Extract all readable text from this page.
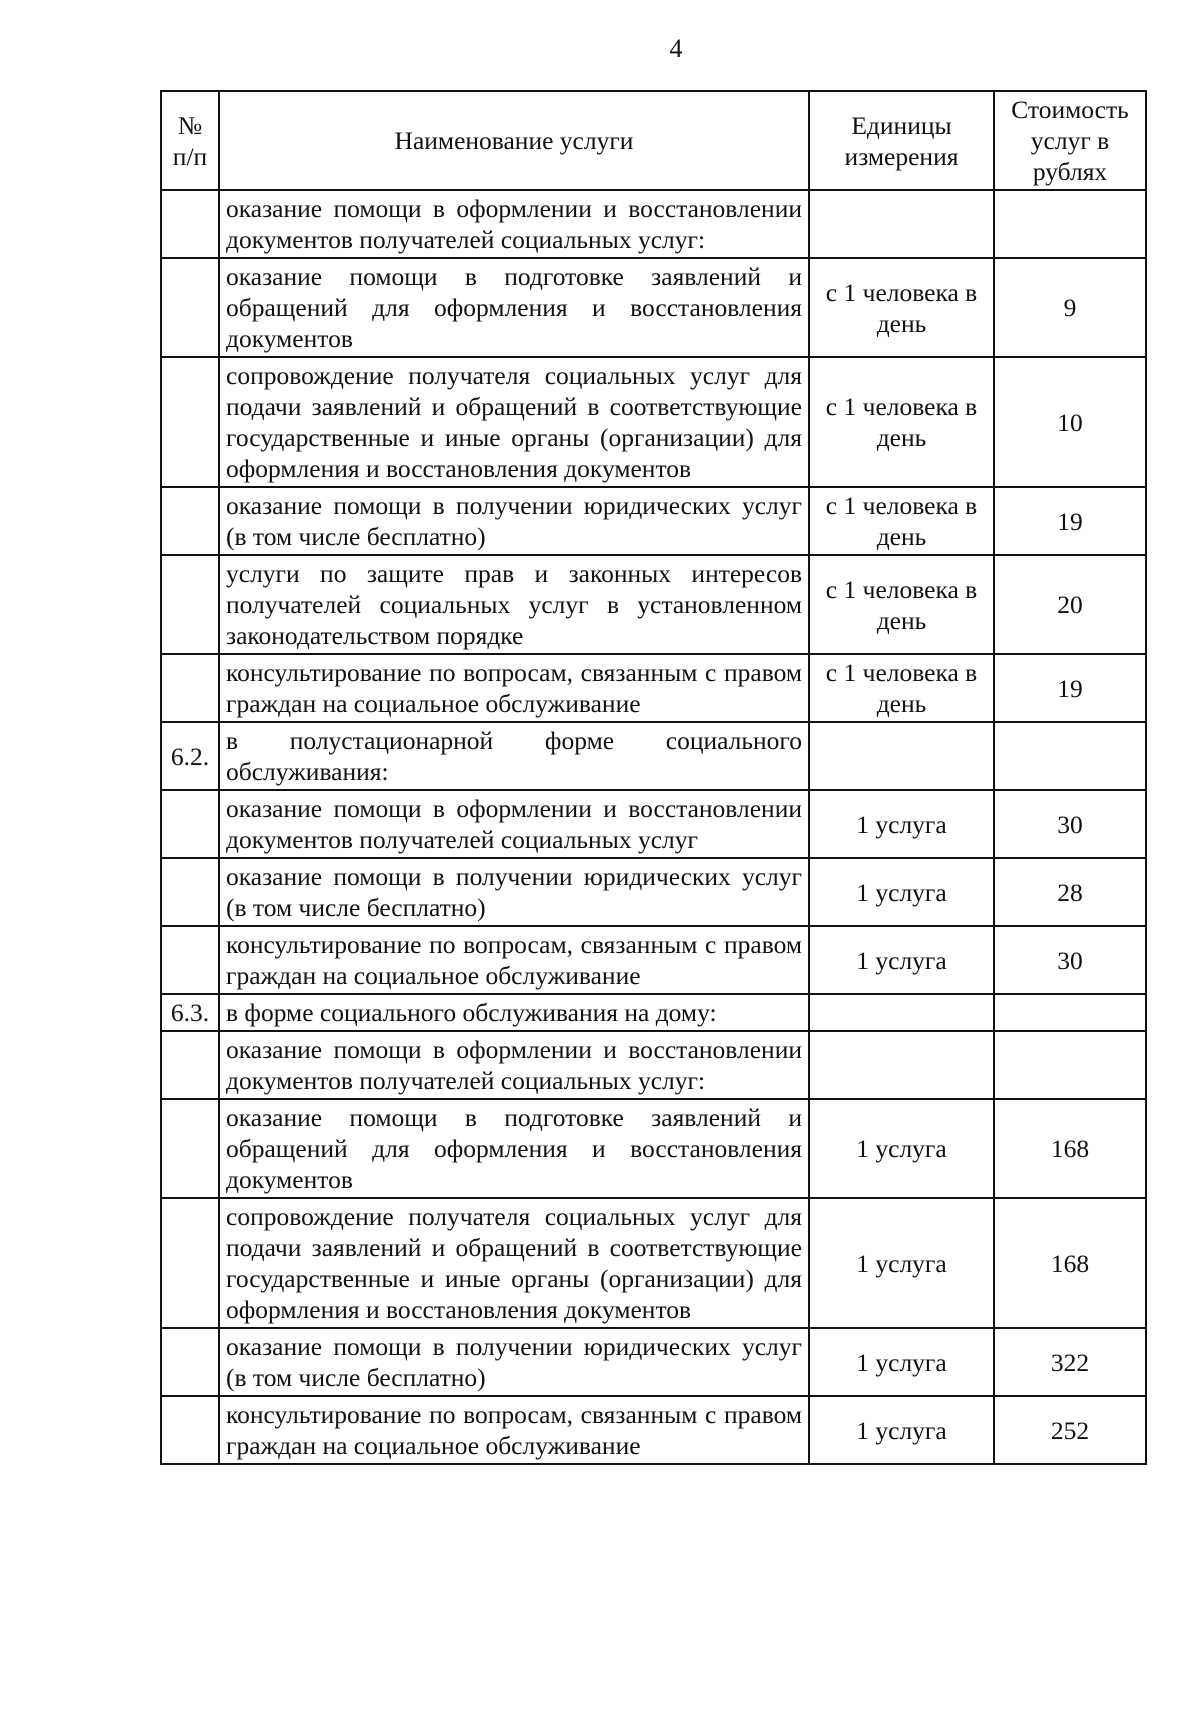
4
№ п/п	Наименование услуги	Единицы измерения	Стоимость услуг в рублях
	оказание помощи в оформлении и восстановлении документов получателей социальных услуг:		
	оказание помощи в подготовке заявлений и обращений для оформления и восстановления документов	с 1 человека в день	9
	сопровождение получателя социальных услуг для подачи заявлений и обращений в соответствующие государственные и иные органы (организации) для оформления и восстановления документов	с 1 человека в день	10
	оказание помощи в получении юридических услуг (в том числе бесплатно)	с 1 человека в день	19
	услуги по защите прав и законных интересов получателей социальных услуг в установленном законодательством порядке	с 1 человека в день	20
	консультирование по вопросам, связанным с правом граждан на социальное обслуживание	с 1 человека в день	19
6.2.	в полустационарной форме социального обслуживания:		
	оказание помощи в оформлении и восстановлении документов получателей социальных услуг	1 услуга	30
	оказание помощи в получении юридических услуг (в том числе бесплатно)	1 услуга	28
	консультирование по вопросам, связанным с правом граждан на социальное обслуживание	1 услуга	30
6.3.	в форме социального обслуживания на дому:		
	оказание помощи в оформлении и восстановлении документов получателей социальных услуг:		
	оказание помощи в подготовке заявлений и обращений для оформления и восстановления документов	1 услуга	168
	сопровождение получателя социальных услуг для подачи заявлений и обращений в соответствующие государственные и иные органы (организации) для оформления и восстановления документов	1 услуга	168
	оказание помощи в получении юридических услуг (в том числе бесплатно)	1 услуга	322
	консультирование по вопросам, связанным с правом граждан на социальное обслуживание	1 услуга	252
